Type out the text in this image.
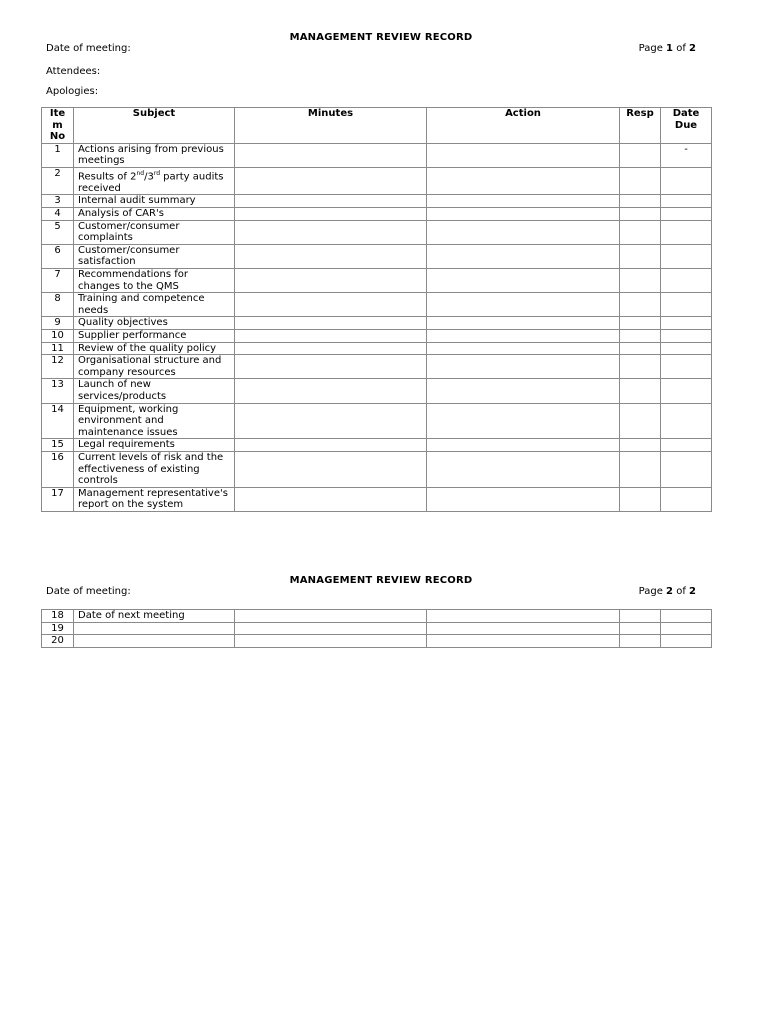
MANAGEMENT REVIEW RECORD
Date of meeting:	Page 1 of 2
Attendees:
Apologies:
Ite m No	Subject	Minutes	Action	Resp	Date Due
1	Actions arising from previous meetings				-
2	Results of 2nd/3rd party audits received				
3	Internal audit summary				
4	Analysis of CAR's				
5	Customer/consumer complaints				
6	Customer/consumer satisfaction				
7	Recommendations for changes to the QMS				
8	Training and competence needs				
9	Quality objectives				
10	Supplier performance				
11	Review of the quality policy				
12	Organisational structure and company resources				
13	Launch of new services/products				
14	Equipment, working environment and maintenance issues				
15	Legal requirements				
16	Current levels of risk and the effectiveness of existing controls				
17	Management representative's report on the system				
MANAGEMENT REVIEW RECORD
Date of meeting:	Page 2 of 2
18	Date of next meeting				
19					
20					
